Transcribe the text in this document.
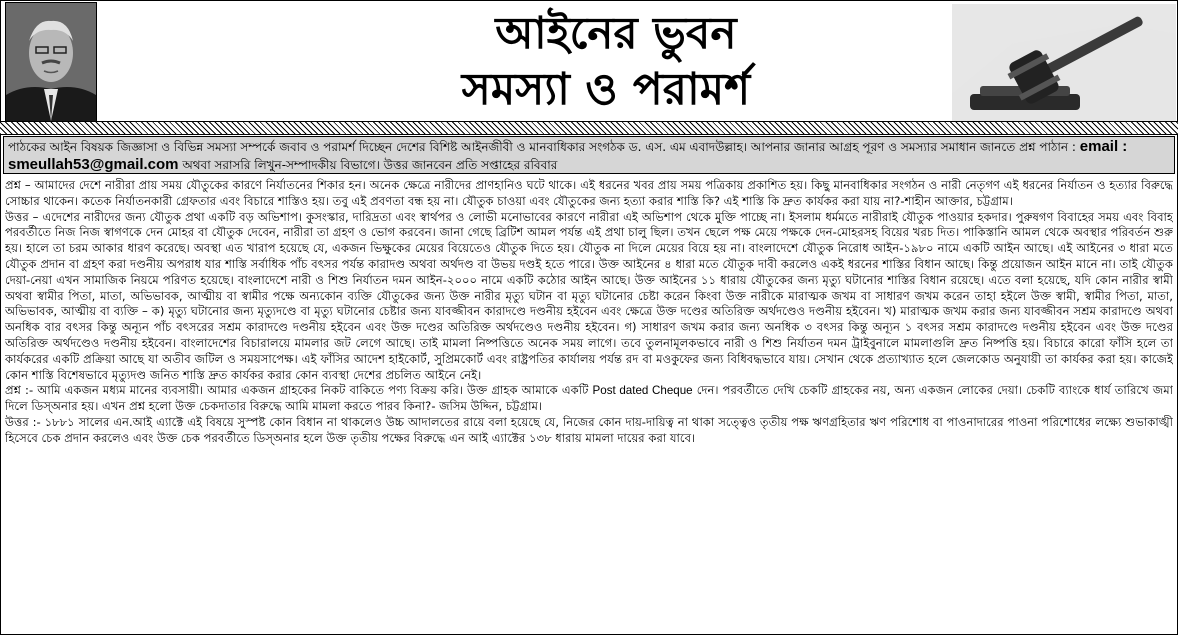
আইনের ভুবন
সমস্যা ও পরামর্শ
পাঠকের আইন বিষয়ক জিজ্ঞাসা ও বিভিন্ন সমস্যা সম্পর্কে জবাব ও পরামর্শ দিচ্ছেন দেশের বিশিষ্ট আইনজীবী ও মানবাধিকার সংগঠক ড. এস. এম এবাদউল্লাহ। আপনার জানার আগ্রহ পূরণ ও সমস্যার সমাধান জানতে প্রশ্ন পাঠান : email : smeullah53@gmail.com অথবা সরাসরি লিখুন-সম্পাদকীয় বিভাগে। উত্তর জানবেন প্রতি সপ্তাহের রবিবার

প্রশ্ন – আমাদের দেশে নারীরা প্রায় সময় যৌতুকের কারণে নির্যাতনের শিকার হন। অনেক ক্ষেত্রে নারীদের প্রাণহানিও ঘটে থাকে। এই ধরনের খবর প্রায় সময় পত্রিকায় প্রকাশিত হয়। কিছু মানবাধিকার সংগঠন ও নারী নেতৃগণ এই ধরনের নির্যাতন ও হত্যার বিরুদ্ধে সোচ্চার থাকেন। কতেক নির্যাতনকারী গ্রেফতার এবং বিচারে শাস্তিও হয়। তবু এই প্রবণতা বন্ধ হয় না। যৌতুক চাওয়া এবং যৌতুকের জন্য হত্যা করার শাস্তি কি? এই শাস্তি কি দ্রুত কার্যকর করা যায় না?-শাহীন আক্তার, চট্টগ্রাম।

উত্তর – এদেশের নারীদের জন্য যৌতুক প্রথা একটি বড় অভিশাপ। কুসংস্কার, দারিদ্রতা এবং স্বার্থপর ও লোভী মনোভাবের কারণে নারীরা এই অভিশাপ থেকে মুক্তি পাচ্ছে না। ইসলাম ধর্মমতে নারীরাই যৌতুক পাওয়ার হকদার। পুরুষগণ বিবাহের সময় এবং বিবাহ পরবর্তীতে নিজ নিজ স্বাগণকে দেন মোহর বা যৌতুক দেবেন, নারীরা তা গ্রহণ ও ভোগ করবেন। জানা গেছে ব্রিটিশ আমল পর্যন্ত এই প্রথা চালু ছিল। তখন ছেলে পক্ষ মেয়ে পক্ষকে দেন-মোহরসহ বিয়ের খরচ দিত। পাকিস্তানি আমল থেকে অবস্থার পরিবর্তন শুরু হয়। হালে তা চরম আকার ধারণ করেছে। অবস্থা এত খারাপ হয়েছে যে, একজন ভিক্ষুকের মেয়ের বিয়েতেও যৌতুক দিতে হয়। যৌতুক না দিলে মেয়ের বিয়ে হয় না। বাংলাদেশে যৌতুক নিরোধ আইন-১৯৮০ নামে একটি আইন আছে। এই আইনের ৩ ধারা মতে যৌতুক প্রদান বা গ্রহণ করা দণ্ডনীয় অপরাধ যার শাস্তি সর্বাধিক পাঁচ বৎসর পর্যন্ত কারাদণ্ড অথবা অর্থদণ্ড বা উভয় দণ্ডই হতে পারে। উক্ত আইনের ৪ ধারা মতে যৌতুক দাবী করলেও একই ধরনের শাস্তির বিধান আছে। কিন্তু প্রয়োজন আইন মানে না। তাই যৌতুক দেয়া-নেয়া এখন সামাজিক নিয়মে পরিণত হয়েছে। বাংলাদেশে নারী ও শিশু নির্যাতন দমন আইন-২০০০ নামে একটি কঠোর আইন আছে। উক্ত আইনের ১১ ধারায় যৌতুকের জন্য মৃত্যু ঘটানোর শাস্তির বিধান রয়েছে। এতে বলা হয়েছে, যদি কোন নারীর স্বামী অথবা স্বামীর পিতা, মাতা, অভিভাবক, আত্মীয় বা স্বামীর পক্ষে অন্যকোন ব্যক্তি যৌতুকের জন্য উক্ত নারীর মৃত্যু ঘটান বা মৃত্যু ঘটানোর চেষ্টা করেন কিংবা উক্ত নারীকে মারাত্মক জখম বা সাধারণ জখম করেন তাহা হইলে উক্ত স্বামী, স্বামীর পিতা, মাতা, অভিভাবক, আত্মীয় বা ব্যক্তি – ক) মৃত্যু ঘটানোর জন্য মৃত্যুদণ্ডে বা মৃত্যু ঘটানোর চেষ্টার জন্য যাবজ্জীবন কারাদণ্ডে দণ্ডনীয় হইবেন এবং ক্ষেত্রে উক্ত দণ্ডের অতিরিক্ত অর্থদণ্ডেও দণ্ডনীয় হইবেন। খ) মারাত্মক জখম করার জন্য যাবজ্জীবন সশ্রম কারাদণ্ডে অথবা অনধিক বার বৎসর কিন্তু অন্যূন পাঁচ বৎসরের সশ্রম কারাদণ্ডে দণ্ডনীয় হইবেন এবং উক্ত দণ্ডের অতিরিক্ত অর্থদণ্ডেও দণ্ডনীয় হইবেন। গ) সাধারণ জখম করার জন্য অনধিক ৩ বৎসর কিন্তু অন্যূন ১ বৎসর সশ্রম কারাদণ্ডে দণ্ডনীয় হইবেন এবং উক্ত দণ্ডের অতিরিক্ত অর্থদণ্ডেও দণ্ডনীয় হইবেন। বাংলাদেশের বিচারালয়ে মামলার জট লেগে আছে। তাই মামলা নিষ্পত্তিতে অনেক সময় লাগে। তবে তুলনামূলকভাবে নারী ও শিশু নির্যাতন দমন ট্রাইবুনালে মামলাগুলি দ্রুত নিষ্পত্তি হয়। বিচারে কারো ফাঁসি হলে তা কার্যকরের একটি প্রক্রিয়া আছে যা অতীব জটিল ও সময়সাপেক্ষ। এই ফাঁসির আদেশ হাইকোর্ট, সুপ্রিমকোর্ট এবং রাষ্ট্রপতির কার্যালয় পর্যন্ত রদ বা মওকুফের জন্য বিধিবদ্ধভাবে যায়। সেখান থেকে প্রত্যাখ্যাত হলে জেলকোড অনুযায়ী তা কার্যকর করা হয়। কাজেই কোন শাস্তি বিশেষভাবে মৃত্যুদণ্ড জনিত শাস্তি দ্রুত কার্যকর করার কোন ব্যবস্থা দেশের প্রচলিত আইনে নেই।

প্রশ্ন :- আমি একজন মধ্যম মানের ব্যবসায়ী। আমার একজন গ্রাহকের নিকট বাকিতে পণ্য বিক্রয় করি। উক্ত গ্রাহক আমাকে একটি Post dated Cheque দেন। পরবর্তীতে দেখি চেকটি গ্রাহকের নয়, অন্য একজন লোকের দেয়া। চেকটি ব্যাংকে ধার্য তারিখে জমা দিলে ডিস্অনার হয়। এখন প্রশ্ন হলো উক্ত চেকদাতার বিরুদ্ধে আমি মামলা করতে পারব কিনা?- জসিম উদ্দিন, চট্টগ্রাম।

উত্তর :- ১৮৮১ সালের এন.আই এ্যাক্টে এই বিষয়ে সুস্পষ্ট কোন বিধান না থাকলেও উচ্চ আদালতের রায়ে বলা হয়েছে যে, নিজের কোন দায়-দায়িত্ব না থাকা সত্ত্বেও তৃতীয় পক্ষ ঋণগ্রহিতার ঋণ পরিশোধ বা পাওনাদারের পাওনা পরিশোধের লক্ষ্যে শুভাকাঙ্খী হিসেবে চেক প্রদান করলেও এবং উক্ত চেক পরবর্তীতে ডিস্অনার হলে উক্ত তৃতীয় পক্ষের বিরুদ্ধে এন আই এ্যাক্টের ১৩৮ ধারায় মামলা দায়ের করা যাবে।
